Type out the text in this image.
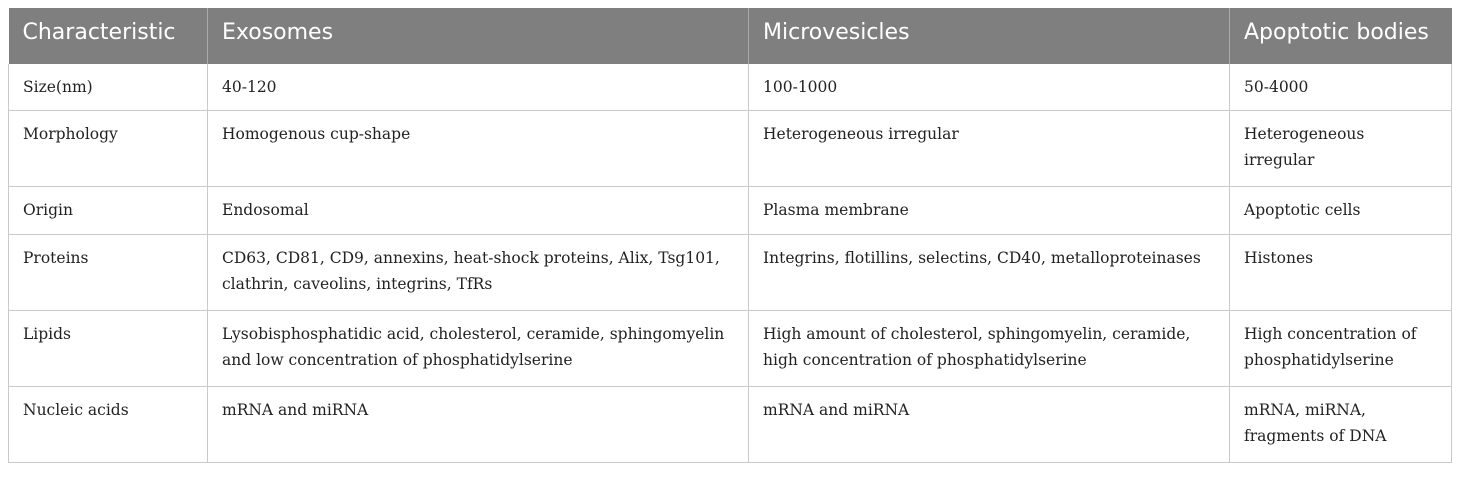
Characteristic	Exosomes	Microvesicles	Apoptotic bodies
Size(nm)	40-120	100-1000	50-4000
Morphology	Homogenous cup-shape	Heterogeneous irregular	Heterogeneous irregular
Origin	Endosomal	Plasma membrane	Apoptotic cells
Proteins	CD63, CD81, CD9, annexins, heat-shock proteins, Alix, Tsg101, clathrin, caveolins, integrins, TfRs	Integrins, flotillins, selectins, CD40, metalloproteinases	Histones
Lipids	Lysobisphosphatidic acid, cholesterol, ceramide, sphingomyelin and low concentration of phosphatidylserine	High amount of cholesterol, sphingomyelin, ceramide, high concentration of phosphatidylserine	High concentration of phosphatidylserine
Nucleic acids	mRNA and miRNA	mRNA and miRNA	mRNA, miRNA, fragments of DNA
